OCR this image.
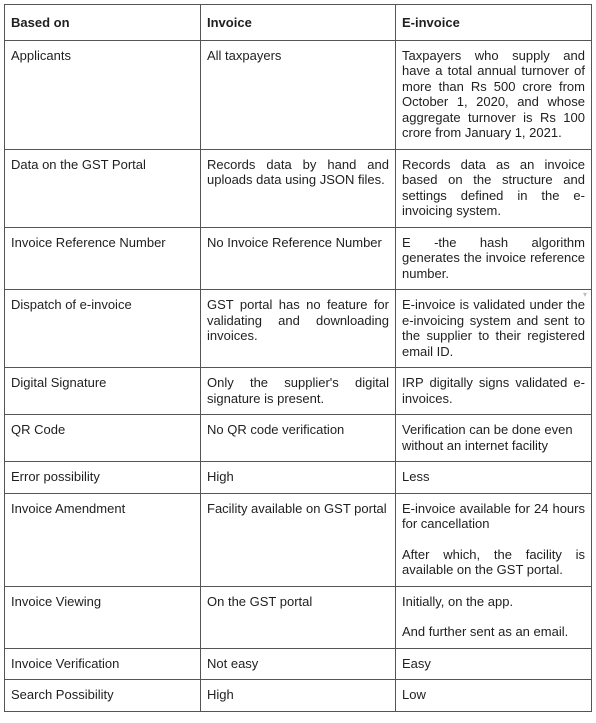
Based on	Invoice	E-invoice
Applicants	All taxpayers	Taxpayers who supply and have a total annual turnover of more than Rs 500 crore from October 1, 2020, and whose aggregate turnover is Rs 100 crore from January 1, 2021.

Data on the GST Portal	Records data by hand and uploads data using JSON files.	Records data as an invoice based on the structure and settings defined in the e-invoicing system.

Invoice Reference Number	No Invoice Reference Number	E -the hash algorithm generates the invoice reference number.

Dispatch of e-invoice	GST portal has no feature for validating and downloading invoices.	E-invoice is validated under the e-invoicing system and sent to the supplier to their registered email ID.
▾

Digital Signature	Only the supplier's digital signature is present.	IRP digitally signs validated e-invoices.

QR Code	No QR code verification	Verification can be done even without an internet facility

Error possibility	High	Less

Invoice Amendment	Facility available on GST portal	E-invoice available for 24 hours for cancellation
After which, the facility is available on the GST portal.

Invoice Viewing	On the GST portal	Initially, on the app.
And further sent as an email.

Invoice Verification	Not easy	Easy

Search Possibility	High	Low
